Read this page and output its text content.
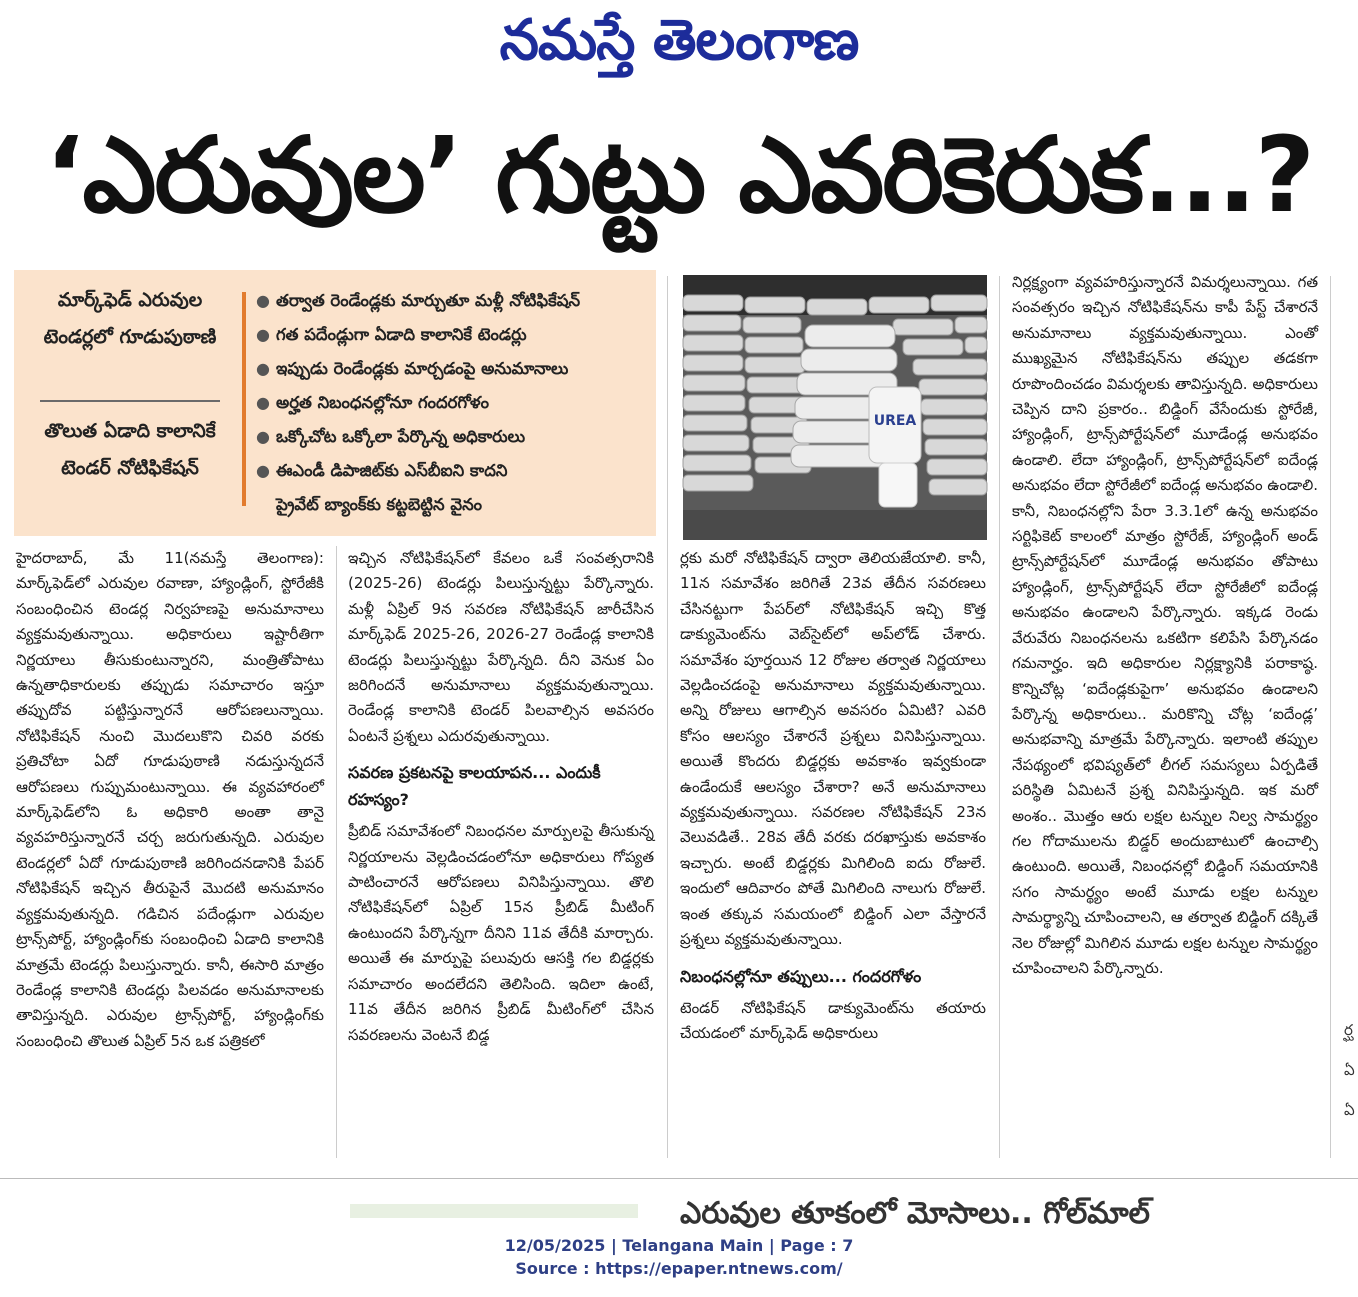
నమస్తే తెలంగాణ
‘ఎరువుల’ గుట్టు ఎవరికెరుక...?
మార్క్‌ఫెడ్ ఎరువుల టెండర్లలో గూడుపుఠాణి
తొలుత ఏడాది కాలానికే టెండర్ నోటిఫికేషన్
● తర్వాత రెండేండ్లకు మార్చుతూ మళ్లీ నోటిఫికేషన్
● గత పదేండ్లుగా ఏడాది కాలానికే టెండర్లు
● ఇప్పుడు రెండేండ్లకు మార్చడంపై అనుమానాలు
● అర్హత నిబంధనల్లోనూ గందరగోళం
● ఒక్కోచోట ఒక్కోలా పేర్కొన్న అధికారులు
● ఈఎండీ డిపాజిట్‌కు ఎస్‌బీఐని కాదని
ప్రైవేట్ బ్యాంక్‌కు కట్టబెట్టిన వైనం
UREA

హైదరాబాద్, మే 11(నమస్తే తెలంగాణ): మార్క్‌ఫెడ్‌లో ఎరువుల రవాణా, హ్యాండ్లింగ్, స్టోరేజీకి సంబంధించిన టెండర్ల నిర్వహణపై అనుమానాలు వ్యక్తమవుతున్నాయి. అధికారులు ఇష్టారీతిగా నిర్ణయాలు తీసుకుంటున్నారని, మంత్రితోపాటు ఉన్నతాధికారులకు తప్పుడు సమాచారం ఇస్తూ తప్పుదోవ పట్టిస్తున్నారనే ఆరోపణలున్నాయి. నోటిఫికేషన్ నుంచి మొదలుకొని చివరి వరకు ప్రతిచోటా ఏదో గూడుపుఠాణి నడుస్తున్నదనే ఆరోపణలు గుప్పుమంటున్నాయి. ఈ వ్యవహారంలో మార్క్‌ఫెడ్‌లోని ఓ అధికారి అంతా తానై వ్యవహరిస్తున్నారనే చర్చ జరుగుతున్నది. ఎరువుల టెండర్లలో ఏదో గూడుపుఠాణి జరిగిందనడానికి పేపర్ నోటిఫికేషన్ ఇచ్చిన తీరుపైనే మొదటి అనుమానం వ్యక్తమవుతున్నది. గడిచిన పదేండ్లుగా ఎరువుల ట్రాన్స్‌పోర్ట్, హ్యాండ్లింగ్‌కు సంబంధించి ఏడాది కాలానికి మాత్రమే టెండర్లు పిలుస్తున్నారు. కానీ, ఈసారి మాత్రం రెండేండ్ల కాలానికి టెండర్లు పిలవడం అనుమానాలకు తావిస్తున్నది. ఎరువుల ట్రాన్స్‌పోర్ట్, హ్యాండ్లింగ్‌కు సంబంధించి తొలుత ఏప్రిల్ 5న ఒక పత్రికలో

ఇచ్చిన నోటిఫికేషన్‌లో కేవలం ఒకే సంవత్సరానికి (2025-26) టెండర్లు పిలుస్తున్నట్టు పేర్కొన్నారు. మళ్లీ ఏప్రిల్ 9న సవరణ నోటిఫికేషన్ జారీచేసిన మార్క్‌ఫెడ్ 2025-26, 2026-27 రెండేండ్ల కాలానికి టెండర్లు పిలుస్తున్నట్టు పేర్కొన్నది. దీని వెనుక ఏం జరిగిందనే అనుమానాలు వ్యక్తమవుతున్నాయి. రెండేండ్ల కాలానికి టెండర్ పిలవాల్సిన అవసరం ఏంటనే ప్రశ్నలు ఎదురవుతున్నాయి.

సవరణ ప్రకటనపై కాలయాపన... ఎందుకీ రహస్యం?

ప్రీబిడ్ సమావేశంలో నిబంధనల మార్పులపై తీసుకున్న నిర్ణయాలను వెల్లడించడంలోనూ అధికారులు గోప్యత పాటించారనే ఆరోపణలు వినిపిస్తున్నాయి. తొలి నోటిఫికేషన్‌లో ఏప్రిల్ 15న ప్రీబిడ్ మీటింగ్ ఉంటుందని పేర్కొన్నగా దీనిని 11వ తేదీకి మార్చారు. అయితే ఈ మార్పుపై పలువురు ఆసక్తి గల బిడ్డర్లకు సమాచారం అందలేదని తెలిసింది. ఇదిలా ఉంటే, 11వ తేదీన జరిగిన ప్రీబిడ్ మీటింగ్‌లో చేసిన సవరణలను వెంటనే బిడ్డ

ర్లకు మరో నోటిఫికేషన్ ద్వారా తెలియజేయాలి. కానీ, 11న సమావేశం జరిగితే 23వ తేదీన సవరణలు చేసినట్టుగా పేపర్‌లో నోటిఫికేషన్ ఇచ్చి కొత్త డాక్యుమెంట్‌ను వెబ్‌సైట్‌లో అప్‌లోడ్ చేశారు. సమావేశం పూర్తయిన 12 రోజుల తర్వాత నిర్ణయాలు వెల్లడించడంపై అనుమానాలు వ్యక్తమవుతున్నాయి. అన్ని రోజులు ఆగాల్సిన అవసరం ఏమిటి? ఎవరి కోసం ఆలస్యం చేశారనే ప్రశ్నలు వినిపిస్తున్నాయి. అయితే కొందరు బిడ్డర్లకు అవకాశం ఇవ్వకుండా ఉండేందుకే ఆలస్యం చేశారా? అనే అనుమానాలు వ్యక్తమవుతున్నాయి. సవరణల నోటిఫికేషన్ 23న వెలువడితే.. 28వ తేదీ వరకు దరఖాస్తుకు అవకాశం ఇచ్చారు. అంటే బిడ్డర్లకు మిగిలింది ఐదు రోజులే. ఇందులో ఆదివారం పోతే మిగిలింది నాలుగు రోజులే. ఇంత తక్కువ సమయంలో బిడ్డింగ్ ఎలా వేస్తారనే ప్రశ్నలు వ్యక్తమవుతున్నాయి.

నిబంధనల్లోనూ తప్పులు... గందరగోళం

టెండర్ నోటిఫికేషన్ డాక్యుమెంట్‌ను తయారు చేయడంలో మార్క్‌ఫెడ్ అధికారులు

నిర్లక్ష్యంగా వ్యవహరిస్తున్నారనే విమర్శలున్నాయి. గత సంవత్సరం ఇచ్చిన నోటిఫికేషన్‌ను కాపీ పేస్ట్ చేశారనే అనుమానాలు వ్యక్తమవుతున్నాయి. ఎంతో ముఖ్యమైన నోటిఫికేషన్‌ను తప్పుల తడకగా రూపొందించడం విమర్శలకు తావిస్తున్నది. అధికారులు చెప్పిన దాని ప్రకారం.. బిడ్డింగ్ వేసేందుకు స్టోరేజీ, హ్యాండ్లింగ్, ట్రాన్స్‌పోర్టేషన్‌లో మూడేండ్ల అనుభవం ఉండాలి. లేదా హ్యాండ్లింగ్, ట్రాన్స్‌పోర్టేషన్‌లో ఐదేండ్ల అనుభవం లేదా స్టోరేజీలో ఐదేండ్ల అనుభవం ఉండాలి. కానీ, నిబంధనల్లోని పేరా 3.3.1లో ఉన్న అనుభవం సర్టిఫికెట్ కాలంలో మాత్రం స్టోరేజ్, హ్యాండ్లింగ్ అండ్ ట్రాన్స్‌పోర్టేషన్‌లో మూడేండ్ల అనుభవం తోపాటు హ్యాండ్లింగ్, ట్రాన్స్‌పోర్టేషన్ లేదా స్టోరేజీలో ఐదేండ్ల అనుభవం ఉండాలని పేర్కొన్నారు. ఇక్కడ రెండు వేరువేరు నిబంధనలను ఒకటిగా కలిపేసి పేర్కొనడం గమనార్హం. ఇది అధికారుల నిర్లక్ష్యానికి పరాకాష్ఠ. కొన్నిచోట్ల ‘ఐదేండ్లకుపైగా’ అనుభవం ఉండాలని పేర్కొన్న అధికారులు.. మరికొన్ని చోట్ల ‘ఐదేండ్ల’ అనుభవాన్ని మాత్రమే పేర్కొన్నారు. ఇలాంటి తప్పుల నేపథ్యంలో భవిష్యత్‌లో లీగల్ సమస్యలు ఏర్పడితే పరిస్థితి ఏమిటనే ప్రశ్న వినిపిస్తున్నది. ఇక మరో అంశం.. మొత్తం ఆరు లక్షల టన్నుల నిల్వ సామర్థ్యం గల గోదాములను బిడ్డర్ అందుబాటులో ఉంచాల్సి ఉంటుంది. అయితే, నిబంధనల్లో బిడ్డింగ్ సమయానికి సగం సామర్థ్యం అంటే మూడు లక్షల టన్నుల సామర్థ్యాన్ని చూపించాలని, ఆ తర్వాత బిడ్డింగ్ దక్కితే నెల రోజుల్లో మిగిలిన మూడు లక్షల టన్నుల సామర్థ్యం చూపించాలని పేర్కొన్నారు.

ర్ఘ ఏ ఏ
ఎరువుల తూకంలో మోసాలు.. గోల్‌మాల్
12/05/2025 | Telangana Main | Page : 7
Source : https://epaper.ntnews.com/
